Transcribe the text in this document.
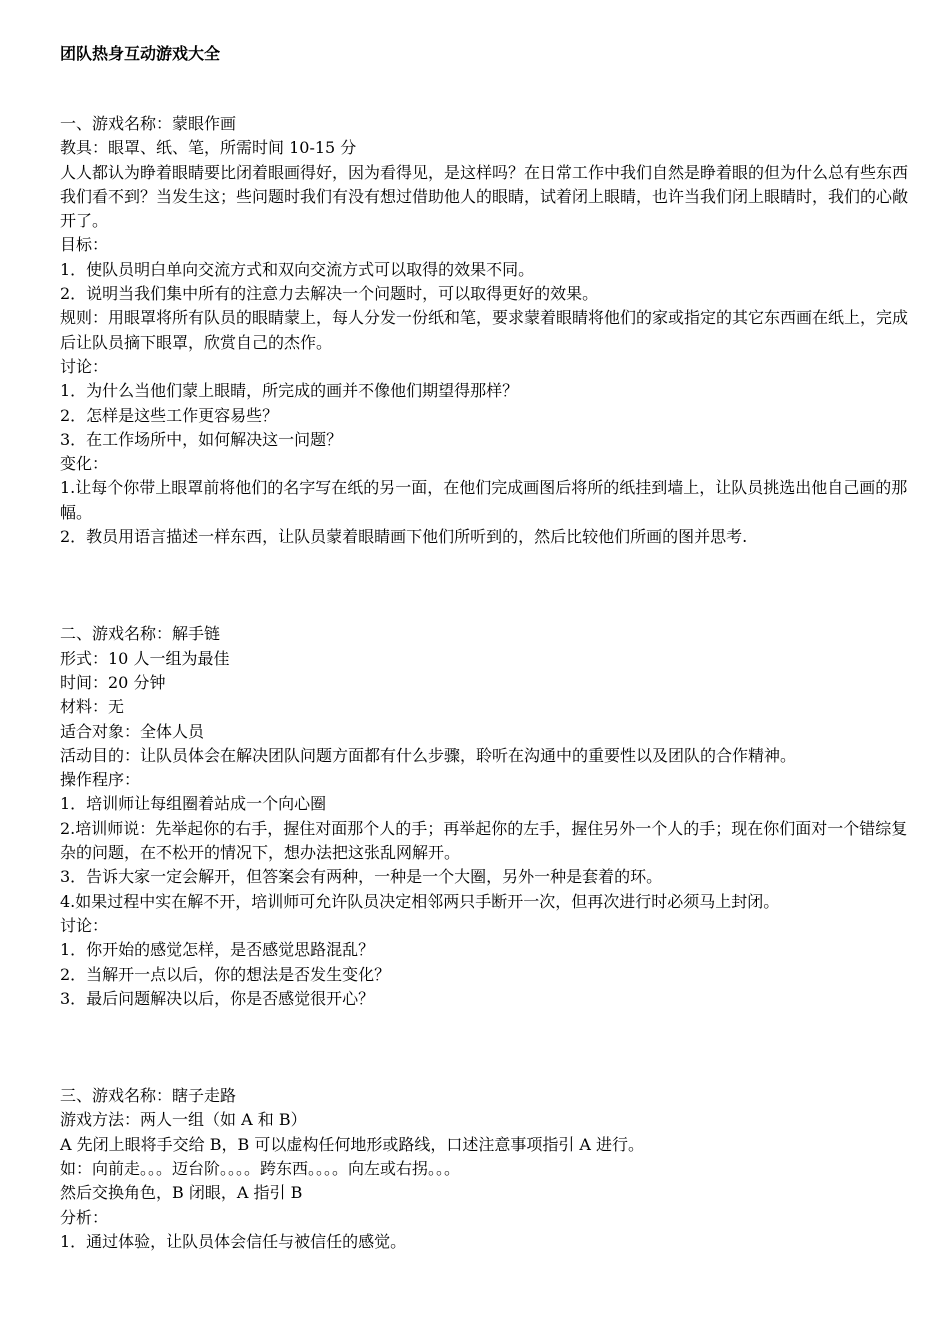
团队热身互动游戏大全
一、游戏名称：蒙眼作画
教具：眼罩、纸、笔，所需时间 10-15 分
人人都认为睁着眼睛要比闭着眼画得好，因为看得见，是这样吗？在日常工作中我们自然是睁着眼的但为什么总有些东西我们看不到？当发生这；些问题时我们有没有想过借助他人的眼睛，试着闭上眼睛，也许当我们闭上眼睛时，我们的心敞开了。
目标：
1．使队员明白单向交流方式和双向交流方式可以取得的效果不同。
2．说明当我们集中所有的注意力去解决一个问题时，可以取得更好的效果。
规则：用眼罩将所有队员的眼睛蒙上，每人分发一份纸和笔，要求蒙着眼睛将他们的家或指定的其它东西画在纸上，完成后让队员摘下眼罩，欣赏自己的杰作。
讨论：
1．为什么当他们蒙上眼睛，所完成的画并不像他们期望得那样？
2．怎样是这些工作更容易些？
3．在工作场所中，如何解决这一问题？
变化：
1.让每个你带上眼罩前将他们的名字写在纸的另一面，在他们完成画图后将所的纸挂到墙上，让队员挑选出他自己画的那幅。
2．教员用语言描述一样东西，让队员蒙着眼睛画下他们所听到的，然后比较他们所画的图并思考.
二、游戏名称：解手链
形式：10 人一组为最佳
时间：20 分钟
材料：无
适合对象：全体人员
活动目的：让队员体会在解决团队问题方面都有什么步骤，聆听在沟通中的重要性以及团队的合作精神。
操作程序：
1．培训师让每组圈着站成一个向心圈
2.培训师说：先举起你的右手，握住对面那个人的手；再举起你的左手，握住另外一个人的手；现在你们面对一个错综复杂的问题，在不松开的情况下，想办法把这张乱网解开。
3．告诉大家一定会解开，但答案会有两种，一种是一个大圈，另外一种是套着的环。
4.如果过程中实在解不开，培训师可允许队员决定相邻两只手断开一次，但再次进行时必须马上封闭。
讨论：
1．你开始的感觉怎样，是否感觉思路混乱？
2．当解开一点以后，你的想法是否发生变化？
3．最后问题解决以后，你是否感觉很开心？
三、游戏名称：瞎子走路
游戏方法：两人一组（如 A 和 B）
A 先闭上眼将手交给 B，B 可以虚构任何地形或路线，口述注意事项指引 A 进行。
如：向前走。。。迈台阶。。。。跨东西。。。。向左或右拐。。。
然后交换角色，B 闭眼，A 指引 B
分析：
1．通过体验，让队员体会信任与被信任的感觉。
